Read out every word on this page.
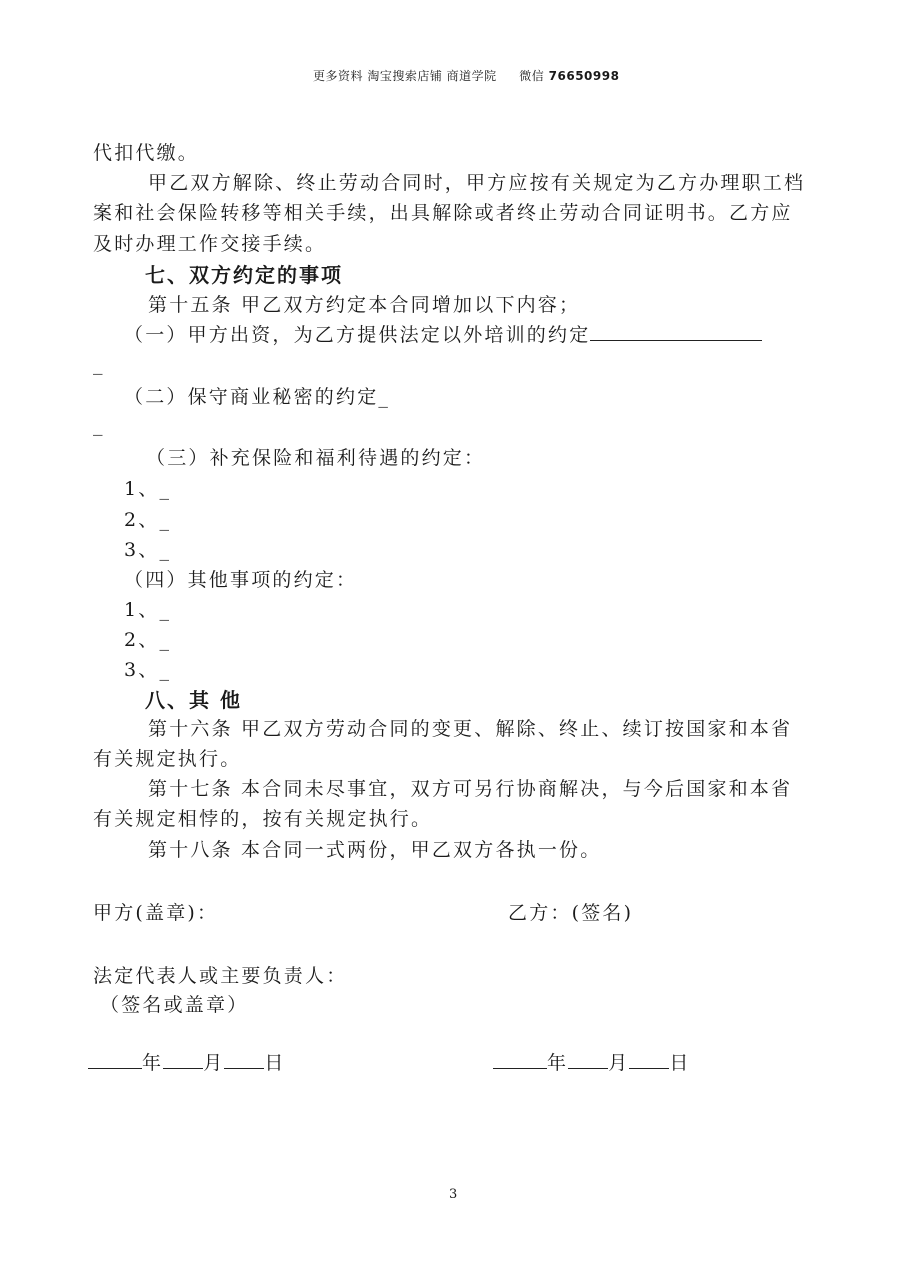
更多资料 淘宝搜索店铺 商道学院 微信 76650998
代扣代缴。
甲乙双方解除、终止劳动合同时，甲方应按有关规定为乙方办理职工档
案和社会保险转移等相关手续，出具解除或者终止劳动合同证明书。乙方应
及时办理工作交接手续。
七、双方约定的事项
第十五条 甲乙双方约定本合同增加以下内容；
（一）甲方出资，为乙方提供法定以外培训的约定
_
（二）保守商业秘密的约定_
_
（三）补充保险和福利待遇的约定：
1、_
2、_
3、_
（四）其他事项的约定：
1、_
2、_
3、_
八、其 他
第十六条 甲乙双方劳动合同的变更、解除、终止、续订按国家和本省
有关规定执行。
第十七条 本合同未尽事宜，双方可另行协商解决，与今后国家和本省
有关规定相悖的，按有关规定执行。
第十八条 本合同一式两份，甲乙双方各执一份。
甲方(盖章)：	乙方：(签名)
法定代表人或主要负责人：
（签名或盖章）
年 月 日	年 月 日
3
